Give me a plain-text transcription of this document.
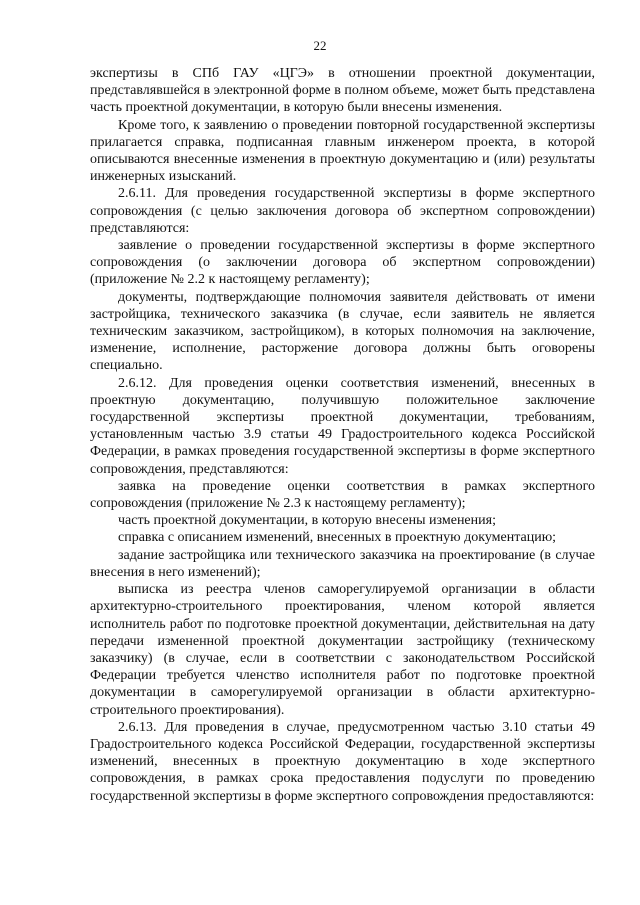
22

экспертизы в СПб ГАУ «ЦГЭ» в отношении проектной документации, представлявшейся в электронной форме в полном объеме, может быть представлена часть проектной документации, в которую были внесены изменения.

Кроме того, к заявлению о проведении повторной государственной экспертизы прилагается справка, подписанная главным инженером проекта, в которой описываются внесенные изменения в проектную документацию и (или) результаты инженерных изысканий.

2.6.11. Для проведения государственной экспертизы в форме экспертного сопровождения (с целью заключения договора об экспертном сопровождении) представляются:

заявление о проведении государственной экспертизы в форме экспертного сопровождения (о заключении договора об экспертном сопровождении) (приложение № 2.2 к настоящему регламенту);

документы, подтверждающие полномочия заявителя действовать от имени застройщика, технического заказчика (в случае, если заявитель не является техническим заказчиком, застройщиком), в которых полномочия на заключение, изменение, исполнение, расторжение договора должны быть оговорены специально.

2.6.12. Для проведения оценки соответствия изменений, внесенных в проектную документацию, получившую положительное заключение государственной экспертизы проектной документации, требованиям, установленным частью 3.9 статьи 49 Градостроительного кодекса Российской Федерации, в рамках проведения государственной экспертизы в форме экспертного сопровождения, представляются:

заявка на проведение оценки соответствия в рамках экспертного сопровождения (приложение № 2.3 к настоящему регламенту);

часть проектной документации, в которую внесены изменения;

справка с описанием изменений, внесенных в проектную документацию;

задание застройщика или технического заказчика на проектирование (в случае внесения в него изменений);

выписка из реестра членов саморегулируемой организации в области архитектурно-строительного проектирования, членом которой является исполнитель работ по подготовке проектной документации, действительная на дату передачи измененной проектной документации застройщику (техническому заказчику) (в случае, если в соответствии с законодательством Российской Федерации требуется членство исполнителя работ по подготовке проектной документации в саморегулируемой организации в области архитектурно-строительного проектирования).

2.6.13. Для проведения в случае, предусмотренном частью 3.10 статьи 49 Градостроительного кодекса Российской Федерации, государственной экспертизы изменений, внесенных в проектную документацию в ходе экспертного сопровождения, в рамках срока предоставления подуслуги по проведению государственной экспертизы в форме экспертного сопровождения предоставляются:
